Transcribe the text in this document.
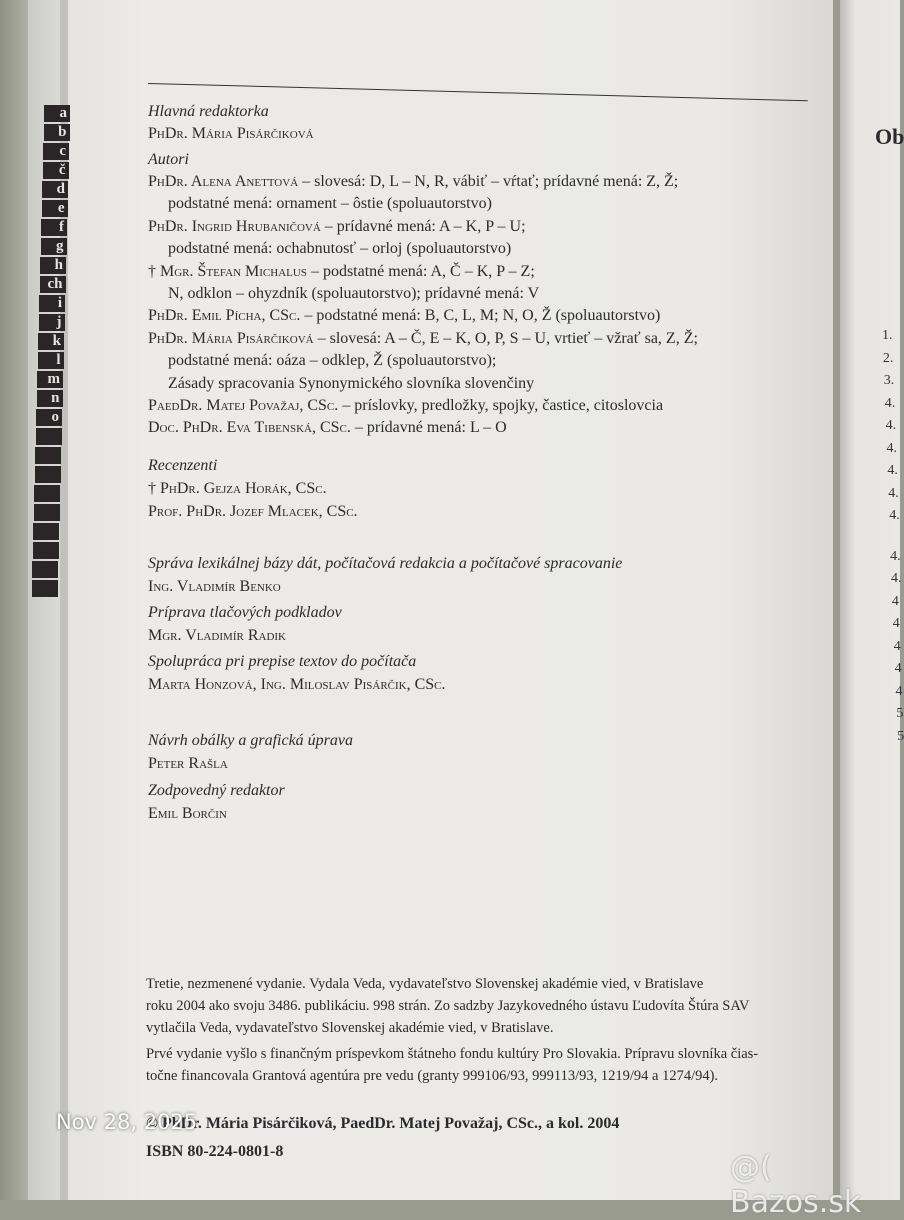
a
b
c
č
d
e
f
g
h
ch
i
j
k
l
m
n
o
Hlavná redaktorka
PhDr. Mária Pisárčiková
Autori
PhDr. Alena Anettová – slovesá: D, L – N, R, vábiť – vŕtať; prídavné mená: Z, Ž;
podstatné mená: ornament – ôstie (spoluautorstvo)
PhDr. Ingrid Hrubaničová – prídavné mená: A – K, P – U;
podstatné mená: ochabnutosť – orloj (spoluautorstvo)
† Mgr. Štefan Michalus – podstatné mená: A, Č – K, P – Z;
N, odklon – ohyzdník (spoluautorstvo); prídavné mená: V
PhDr. Emil Pícha, CSc. – podstatné mená: B, C, L, M; N, O, Ž (spoluautorstvo)
PhDr. Mária Pisárčiková – slovesá: A – Č, E – K, O, P, S – U, vrtieť – vžrať sa, Z, Ž;
podstatné mená: oáza – odklep, Ž (spoluautorstvo);
Zásady spracovania Synonymického slovníka slovenčiny
PaedDr. Matej Považaj, CSc. – príslovky, predložky, spojky, častice, citoslovcia
Doc. PhDr. Eva Tibenská, CSc. – prídavné mená: L – O
Recenzenti
† PhDr. Gejza Horák, CSc.
Prof. PhDr. Jozef Mlacek, CSc.
Správa lexikálnej bázy dát, počítačová redakcia a počítačové spracovanie
Ing. Vladimír Benko
Príprava tlačových podkladov
Mgr. Vladimír Radik
Spolupráca pri prepise textov do počítača
Marta Honzová, Ing. Miloslav Pisárčik, CSc.
Návrh obálky a grafická úprava
Peter Rašla
Zodpovedný redaktor
Emil Borčin
Tretie, nezmenené vydanie. Vydala Veda, vydavateľstvo Slovenskej akadémie vied, v Bratislave
roku 2004 ako svoju 3486. publikáciu. 998 strán. Zo sadzby Jazykovedného ústavu Ľudovíta Štúra SAV
vytlačila Veda, vydavateľstvo Slovenskej akadémie vied, v Bratislave.
Prvé vydanie vyšlo s finančným príspevkom štátneho fondu kultúry Pro Slovakia. Prípravu slovníka čias-
točne financovala Grantová agentúra pre vedu (granty 999106/93, 999113/93, 1219/94 a 1274/94).
© PhDr. Mária Pisárčiková, PaedDr. Matej Považaj, CSc., a kol. 2004
ISBN 80-224-0801-8
Ob
1.
2.
3.
4.
4.
4.
4.
4.
4.
4.
4.
4
4
4
4
4
5
5
Nov 28, 2025
@( Bazos.sk
